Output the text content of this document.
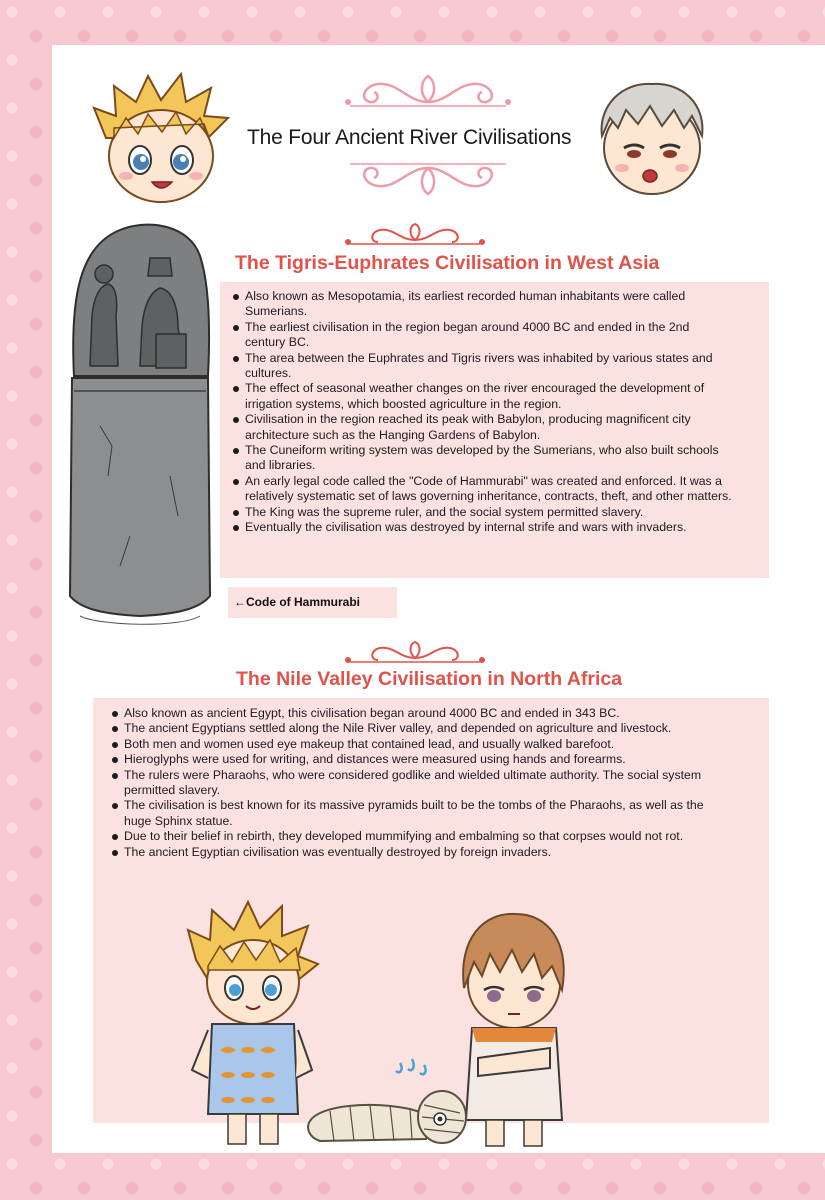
The Four Ancient River Civilisations
The Tigris-Euphrates Civilisation in West Asia
Also known as Mesopotamia, its earliest recorded human inhabitants were called Sumerians.
The earliest civilisation in the region began around 4000 BC and ended in the 2nd century BC.
The area between the Euphrates and Tigris rivers was inhabited by various states and cultures.
The effect of seasonal weather changes on the river encouraged the development of irrigation systems, which boosted agriculture in the region.
Civilisation in the region reached its peak with Babylon, producing magnificent city architecture such as the Hanging Gardens of Babylon.
The Cuneiform writing system was developed by the Sumerians, who also built schools and libraries.
An early legal code called the "Code of Hammurabi" was created and enforced. It was a relatively systematic set of laws governing inheritance, contracts, theft, and other matters.
The King was the supreme ruler, and the social system permitted slavery.
Eventually the civilisation was destroyed by internal strife and wars with invaders.
←Code of Hammurabi
The Nile Valley Civilisation in North Africa
Also known as ancient Egypt, this civilisation began around 4000 BC and ended in 343 BC.
The ancient Egyptians settled along the Nile River valley, and depended on agriculture and livestock.
Both men and women used eye makeup that contained lead, and usually walked barefoot.
Hieroglyphs were used for writing, and distances were measured using hands and forearms.
The rulers were Pharaohs, who were considered godlike and wielded ultimate authority. The social system permitted slavery.
The civilisation is best known for its massive pyramids built to be the tombs of the Pharaohs, as well as the huge Sphinx statue.
Due to their belief in rebirth, they developed mummifying and embalming so that corpses would not rot.
The ancient Egyptian civilisation was eventually destroyed by foreign invaders.
